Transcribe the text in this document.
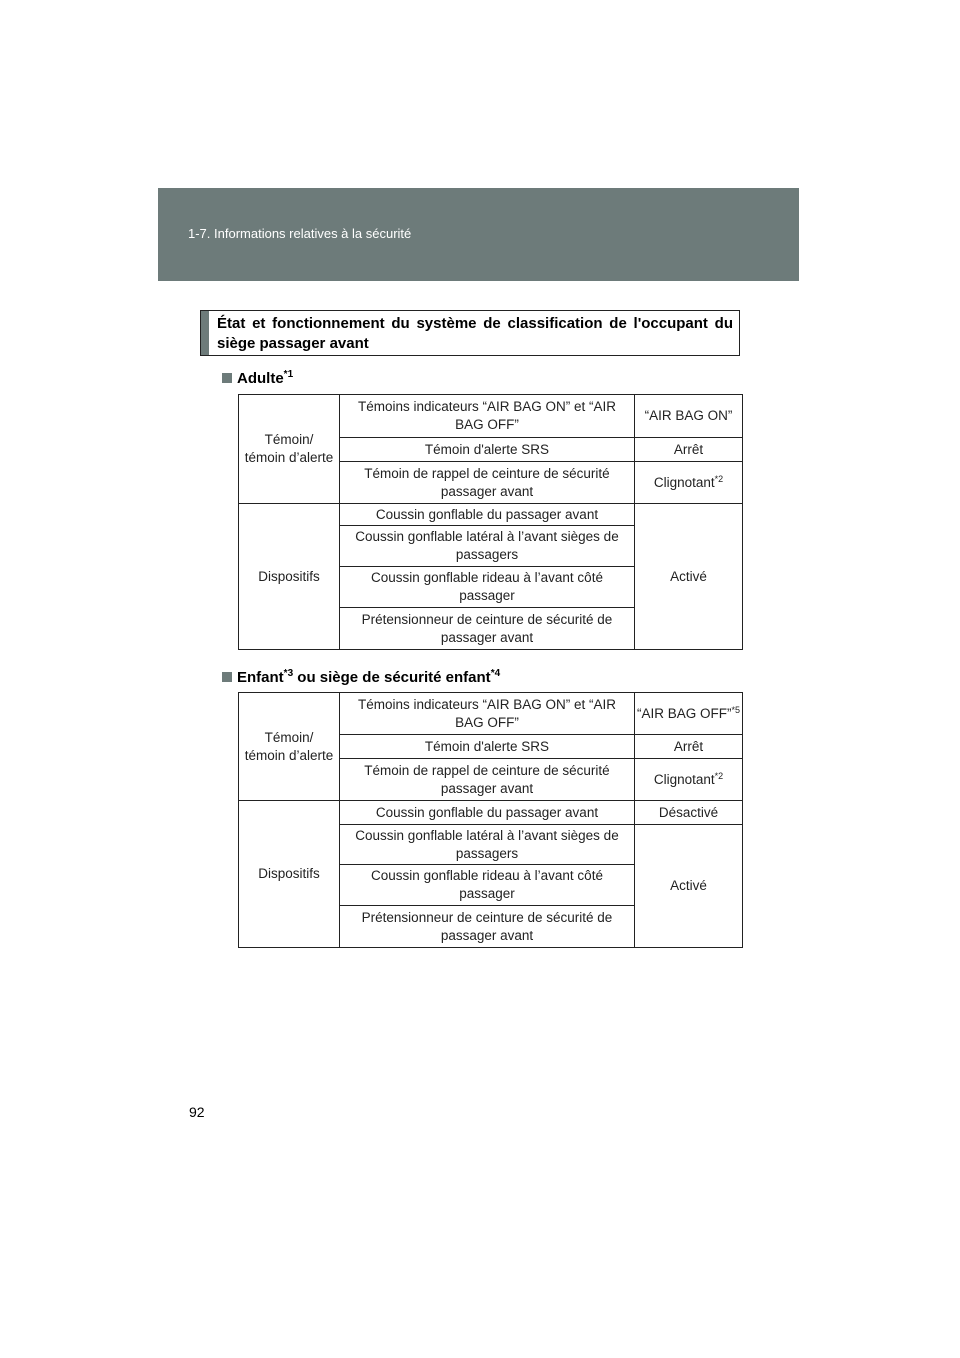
1-7. Informations relatives à la sécurité
État et fonctionnement du système de classification de l'occupant du siège passager avant
Adulte$^{*1}$
Témoin/ témoin d’alerte	Témoins indicateurs “AIR BAG ON” et “AIR BAG OFF”	“AIR BAG ON”
	Témoin d'alerte SRS	Arrêt
	Témoin de rappel de ceinture de sécurité passager avant	Clignotant$^{*2}$
Dispositifs	Coussin gonflable du passager avant	Activé
	Coussin gonflable latéral à l’avant sièges de passagers	
	Coussin gonflable rideau à l’avant côté passager	
	Prétensionneur de ceinture de sécurité de passager avant	
Enfant$^{*3}$ ou siège de sécurité enfant$^{*4}$
Témoin/ témoin d’alerte	Témoins indicateurs “AIR BAG ON” et “AIR BAG OFF”	“AIR BAG OFF”$^{*5}$
	Témoin d'alerte SRS	Arrêt
	Témoin de rappel de ceinture de sécurité passager avant	Clignotant$^{*2}$
Dispositifs	Coussin gonflable du passager avant	Désactivé
	Coussin gonflable latéral à l’avant sièges de passagers	Activé
	Coussin gonflable rideau à l’avant côté passager	
	Prétensionneur de ceinture de sécurité de passager avant	
92
